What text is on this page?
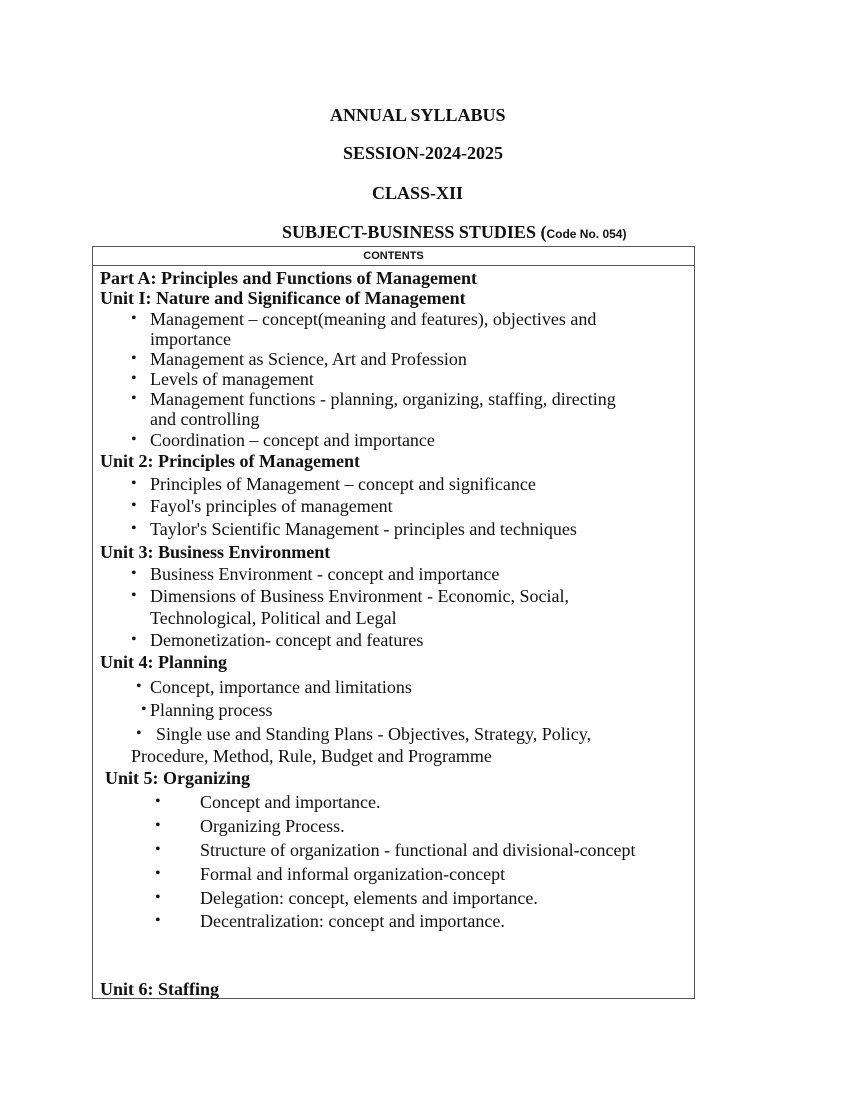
ANNUAL SYLLABUS
SESSION-2024-2025
CLASS-XII
SUBJECT-BUSINESS STUDIES (Code No. 054)
CONTENTS
Part A: Principles and Functions of Management
Unit I: Nature and Significance of Management
• Management – concept(meaning and features), objectives and
importance
• Management as Science, Art and Profession
• Levels of management
• Management functions - planning, organizing, staffing, directing
and controlling
• Coordination – concept and importance
Unit 2: Principles of Management
• Principles of Management – concept and significance
• Fayol's principles of management
• Taylor's Scientific Management - principles and techniques
Unit 3: Business Environment
• Business Environment - concept and importance
• Dimensions of Business Environment - Economic, Social,
Technological, Political and Legal
• Demonetization- concept and features
Unit 4: Planning
• Concept, importance and limitations
• Planning process
• Single use and Standing Plans - Objectives, Strategy, Policy,
Procedure, Method, Rule, Budget and Programme
Unit 5: Organizing
• Concept and importance.
• Organizing Process.
• Structure of organization - functional and divisional-concept
• Formal and informal organization-concept
• Delegation: concept, elements and importance.
• Decentralization: concept and importance.
Unit 6: Staffing
